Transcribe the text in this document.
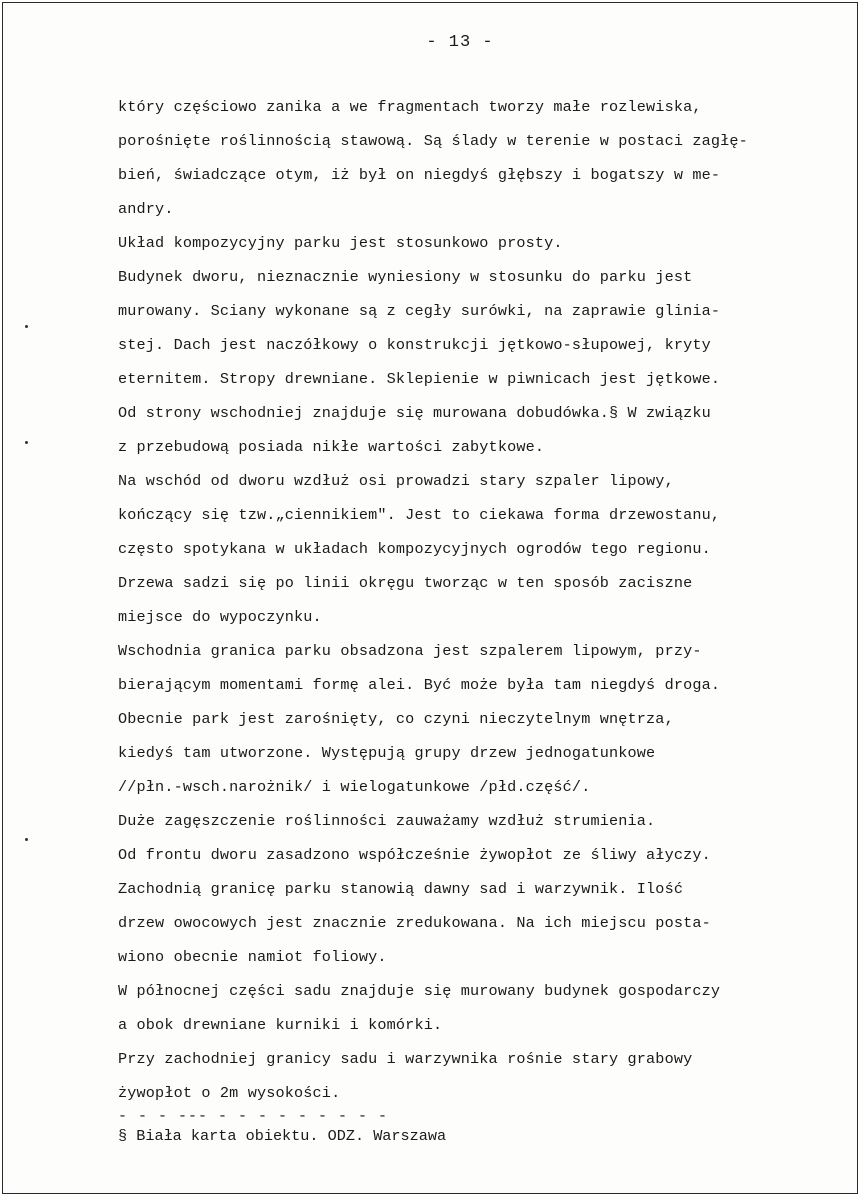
- 13 -
który częściowo zanika a we fragmentach tworzy małe rozlewiska,
porośnięte roślinnością stawową. Są ślady w terenie w postaci zagłę-
bień, świadczące otym, iż był on niegdyś głębszy i bogatszy w me-
andry.
Układ kompozycyjny parku jest stosunkowo prosty.
Budynek dworu, nieznacznie wyniesiony w stosunku do parku jest
murowany. Sciany wykonane są z cegły surówki, na zaprawie glinia-
stej. Dach jest naczółkowy o konstrukcji jętkowo-słupowej, kryty
eternitem. Stropy drewniane. Sklepienie w piwnicach jest jętkowe.
Od strony wschodniej znajduje się murowana dobudówka.§ W związku
z przebudową posiada nikłe wartości zabytkowe.
Na wschód od dworu wzdłuż osi prowadzi stary szpaler lipowy,
kończący się tzw.„ciennikiem". Jest to ciekawa forma drzewostanu,
często spotykana w układach kompozycyjnych ogrodów tego regionu.
Drzewa sadzi się po linii okręgu tworząc w ten sposób zaciszne
miejsce do wypoczynku.
Wschodnia granica parku obsadzona jest szpalerem lipowym, przy-
bierającym momentami formę alei. Być może była tam niegdyś droga.
Obecnie park jest zarośnięty, co czyni nieczytelnym wnętrza,
kiedyś tam utworzone. Występują grupy drzew jednogatunkowe
//płn.-wsch.narożnik/ i wielogatunkowe /płd.część/.
Duże zagęszczenie roślinności zauważamy wzdłuż strumienia.
Od frontu dworu zasadzono współcześnie żywopłot ze śliwy ałyczy.
Zachodnią granicę parku stanowią dawny sad i warzywnik. Ilość
drzew owocowych jest znacznie zredukowana. Na ich miejscu posta-
wiono obecnie namiot foliowy.
W północnej części sadu znajduje się murowany budynek gospodarczy
a obok drewniane kurniki i komórki.
Przy zachodniej granicy sadu i warzywnika rośnie stary grabowy
żywopłot o 2m wysokości.
- - - --- - - - - - - - - -
§ Biała karta obiektu. ODZ. Warszawa
